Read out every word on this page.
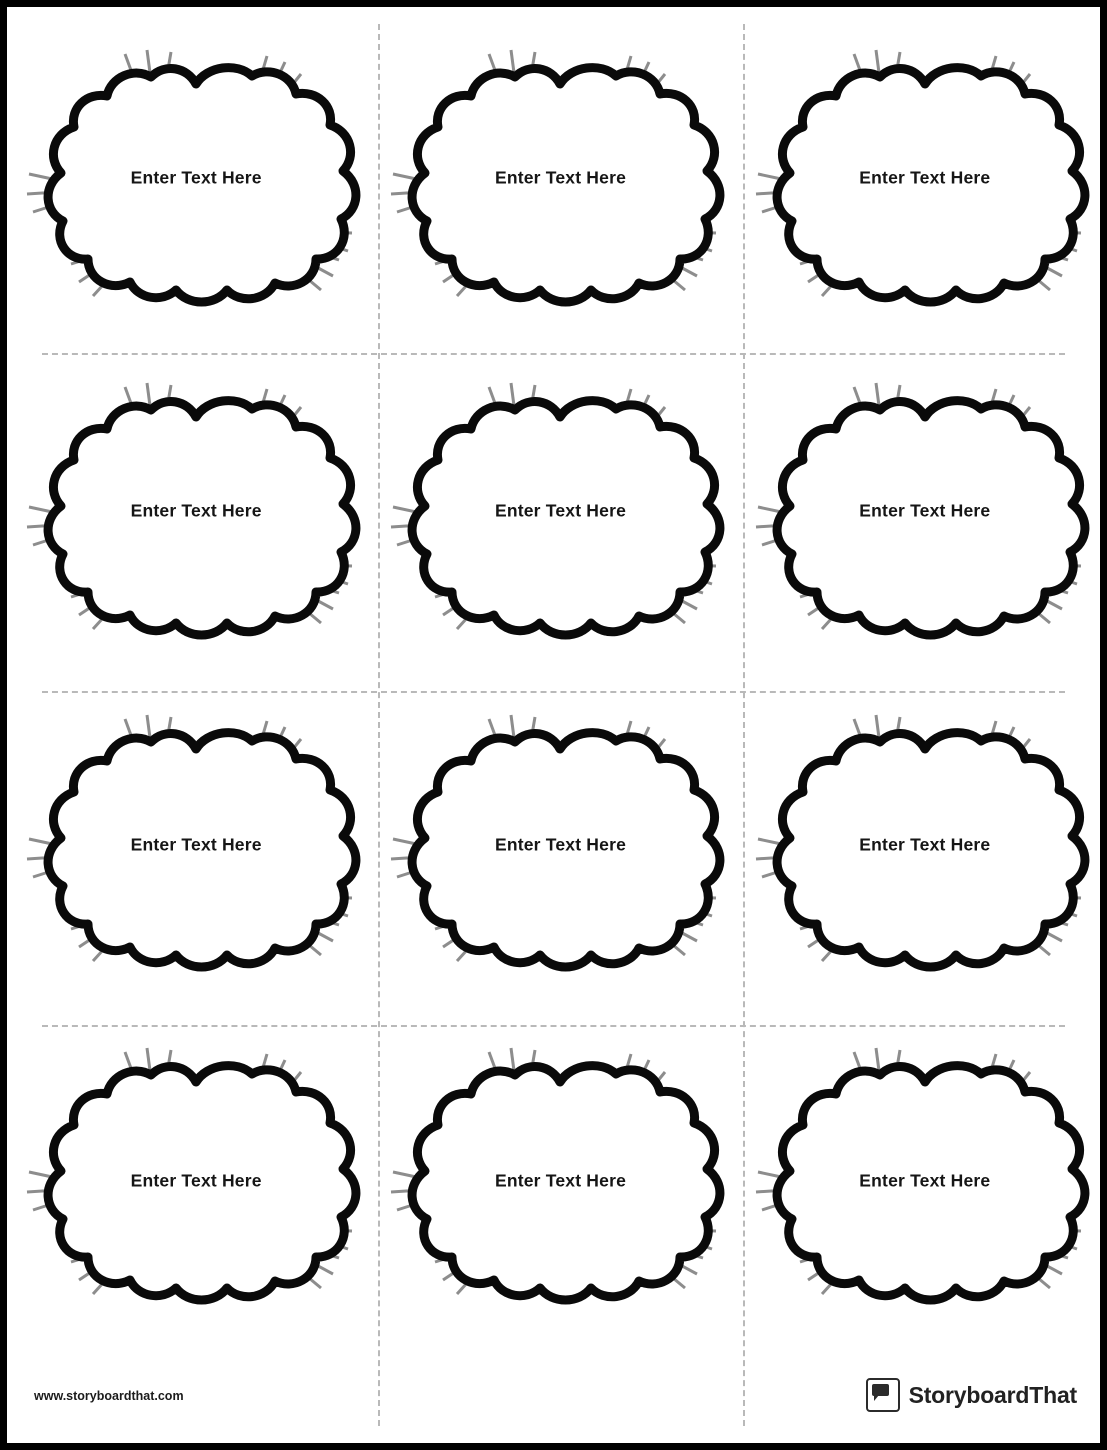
Enter Text Here	Enter Text Here	Enter Text Here
Enter Text Here	Enter Text Here	Enter Text Here
Enter Text Here	Enter Text Here	Enter Text Here
Enter Text Here	Enter Text Here	Enter Text Here
www.storyboardthat.com	StoryboardThat
